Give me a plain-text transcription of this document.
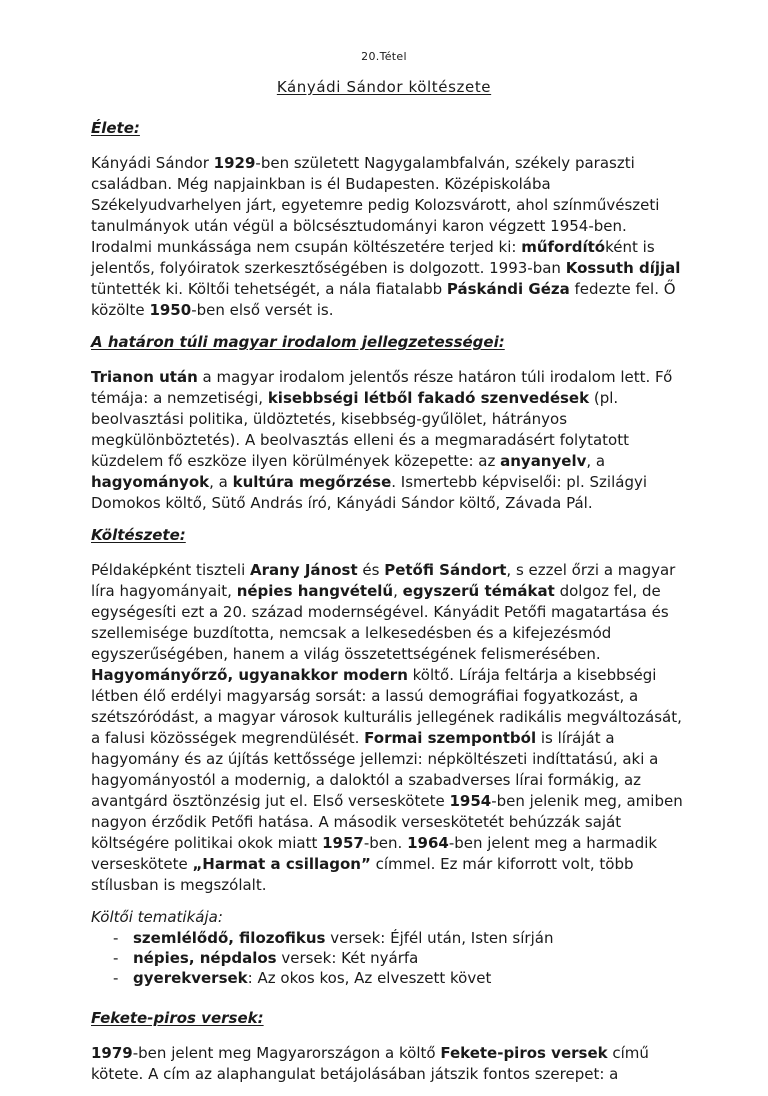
20.Tétel
Kányádi Sándor költészete
Élete:

Kányádi Sándor 1929-ben született Nagygalambfalván, székely paraszti családban. Még napjainkban is él Budapesten. Középiskolába Székelyudvarhelyen járt, egyetemre pedig Kolozsvárott, ahol színművészeti tanulmányok után végül a bölcsésztudományi karon végzett 1954-ben. Irodalmi munkássága nem csupán költészetére terjed ki: műfordítóként is jelentős, folyóiratok szerkesztőségében is dolgozott. 1993-ban Kossuth díjjal tüntették ki. Költői tehetségét, a nála fiatalabb Páskándi Géza fedezte fel. Ő közölte 1950-ben első versét is.

A határon túli magyar irodalom jellegzetességei:

Trianon után a magyar irodalom jelentős része határon túli irodalom lett. Fő témája: a nemzetiségi, kisebbségi létből fakadó szenvedések (pl. beolvasztási politika, üldöztetés, kisebbség-gyűlölet, hátrányos megkülönböztetés). A beolvasztás elleni és a megmaradásért folytatott küzdelem fő eszköze ilyen körülmények közepette: az anyanyelv, a hagyományok, a kultúra megőrzése. Ismertebb képviselői: pl. Szilágyi Domokos költő, Sütő András író, Kányádi Sándor költő, Závada Pál.

Költészete:

Példaképként tiszteli Arany Jánost és Petőfi Sándort, s ezzel őrzi a magyar líra hagyományait, népies hangvételű, egyszerű témákat dolgoz fel, de egységesíti ezt a 20. század modernségével. Kányádit Petőfi magatartása és szellemisége buzdította, nemcsak a lelkesedésben és a kifejezésmód egyszerűségében, hanem a világ összetettségének felismerésében. Hagyományőrző, ugyanakkor modern költő. Lírája feltárja a kisebbségi létben élő erdélyi magyarság sorsát: a lassú demográfiai fogyatkozást, a szétszóródást, a magyar városok kulturális jellegének radikális megváltozását, a falusi közösségek megrendülését. Formai szempontból is líráját a hagyomány és az újítás kettőssége jellemzi: népköltészeti indíttatású, aki a hagyományostól a modernig, a daloktól a szabadverses lírai formákig, az avantgárd ösztönzésig jut el. Első verseskötete 1954-ben jelenik meg, amiben nagyon érződik Petőfi hatása. A második verseskötetét behúzzák saját költségére politikai okok miatt 1957-ben. 1964-ben jelent meg a harmadik verseskötete „Harmat a csillagon” címmel. Ez már kiforrott volt, több stílusban is megszólalt.

Költői tematikája:

- szemlélődő, filozofikus versek: Éjfél után, Isten sírján
- népies, népdalos versek: Két nyárfa
- gyerekversek: Az okos kos, Az elveszett követ
Fekete-piros versek:

1979-ben jelent meg Magyarországon a költő Fekete-piros versek című kötete. A cím az alaphangulat betájolásában játszik fontos szerepet: a
